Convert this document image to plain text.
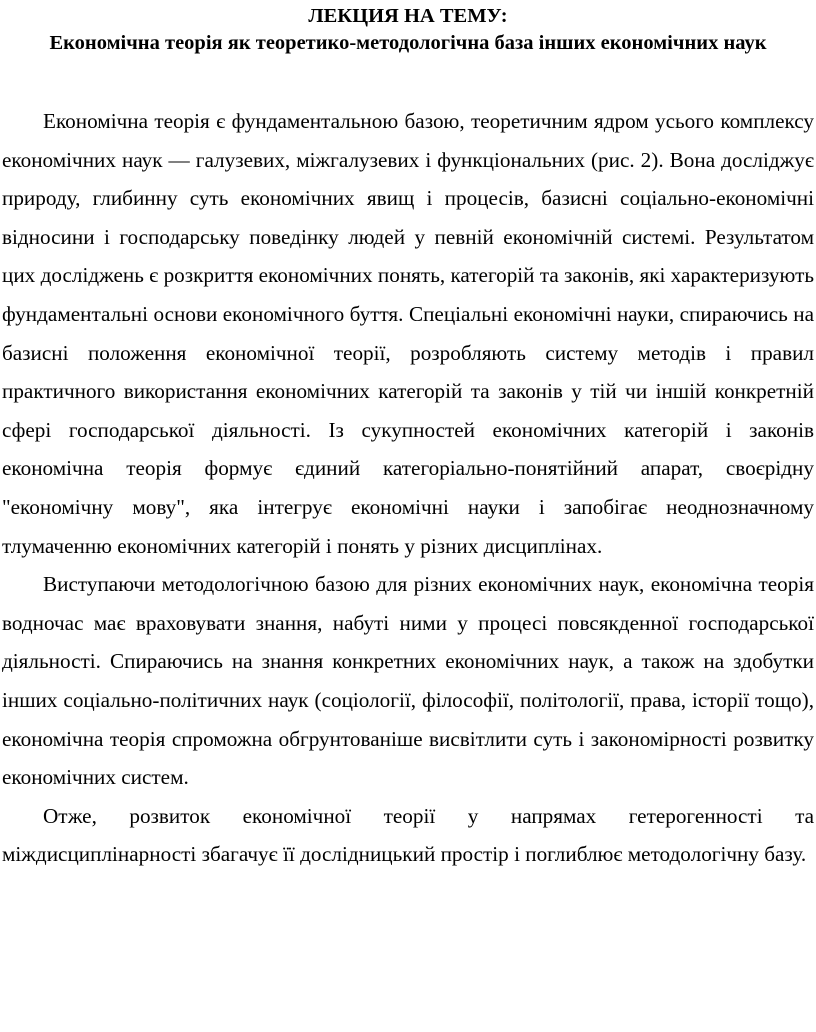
ЛЕКЦИЯ НА ТЕМУ:

Економічна теорія як теоретико-методологічна база інших економічних наук

Економічна теорія є фундаментальною базою, теоретичним ядром усього комплексу економічних наук — галузевих, міжгалузевих і функціональних (рис. 2). Вона досліджує природу, глибинну суть економічних явищ і процесів, базисні соціально-економічні відносини і господарську поведінку людей у певній економічній системі. Результатом цих досліджень є розкриття економічних понять, категорій та законів, які характеризують фундаментальні основи економічного буття. Спеціальні економічні науки, спираючись на базисні положення економічної теорії, розробляють систему методів і правил практичного використання економічних категорій та законів у тій чи іншій конкретній сфері господарської діяльності. Із сукупностей економічних категорій і законів економічна теорія формує єдиний категоріально-понятійний апарат, своєрідну "економічну мову", яка інтегрує економічні науки і запобігає неоднозначному тлумаченню економічних категорій і понять у різних дисциплінах.

Виступаючи методологічною базою для різних економічних наук, економічна теорія водночас має враховувати знання, набуті ними у процесі повсякденної господарської діяльності. Спираючись на знання конкретних економічних наук, а також на здобутки інших соціально-політичних наук (соціології, філософії, політології, права, історії тощо), економічна теорія спроможна обгрунтованіше висвітлити суть і закономірності розвитку економічних систем.

Отже, розвиток економічної теорії у напрямах гетерогенності та міждисциплінарності збагачує її дослідницький простір і поглиблює методологічну базу.
